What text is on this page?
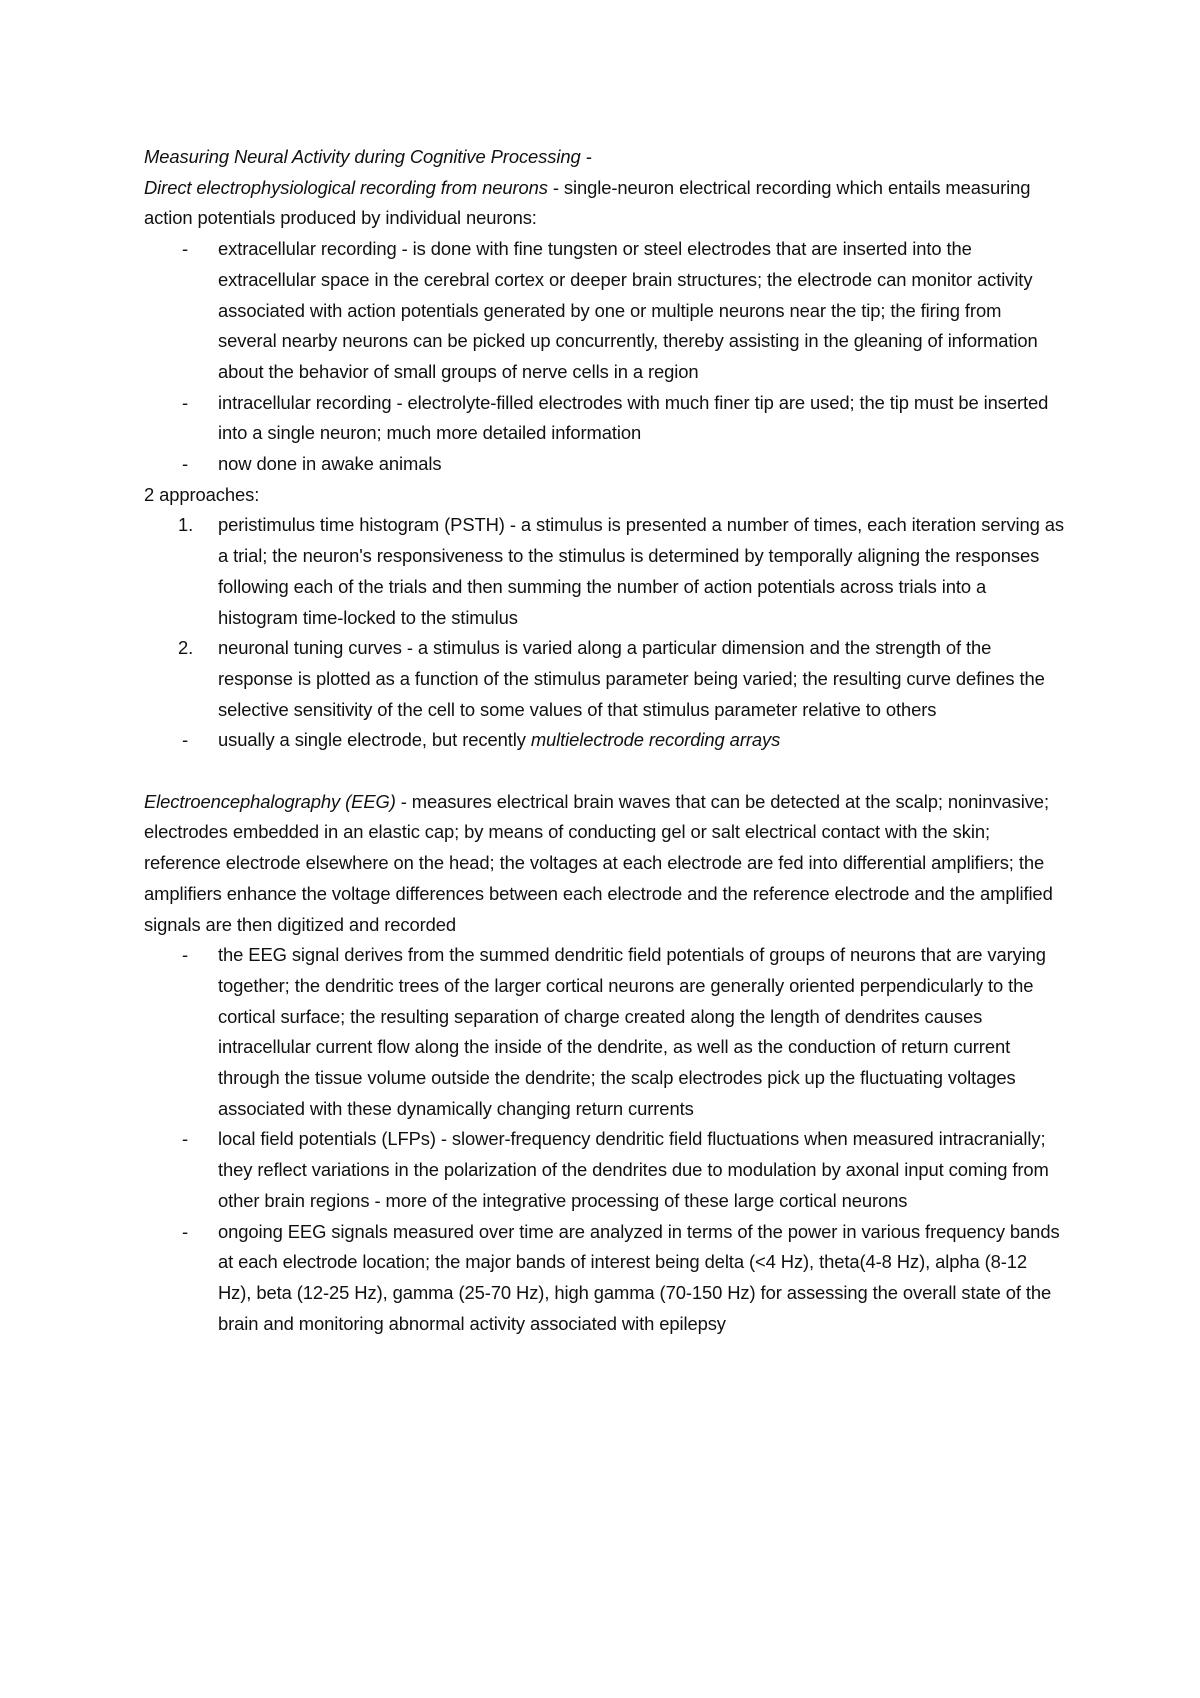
Measuring Neural Activity during Cognitive Processing -
Direct electrophysiological recording from neurons - single-neuron electrical recording which entails measuring action potentials produced by individual neurons:
- extracellular recording - is done with fine tungsten or steel electrodes that are inserted into the extracellular space in the cerebral cortex or deeper brain structures; the electrode can monitor activity associated with action potentials generated by one or multiple neurons near the tip; the firing from several nearby neurons can be picked up concurrently, thereby assisting in the gleaning of information about the behavior of small groups of nerve cells in a region
- intracellular recording - electrolyte-filled electrodes with much finer tip are used; the tip must be inserted into a single neuron; much more detailed information
- now done in awake animals
2 approaches:
1. peristimulus time histogram (PSTH) - a stimulus is presented a number of times, each iteration serving as a trial; the neuron's responsiveness to the stimulus is determined by temporally aligning the responses following each of the trials and then summing the number of action potentials across trials into a histogram time-locked to the stimulus
2. neuronal tuning curves - a stimulus is varied along a particular dimension and the strength of the response is plotted as a function of the stimulus parameter being varied; the resulting curve defines the selective sensitivity of the cell to some values of that stimulus parameter relative to others
- usually a single electrode, but recently multielectrode recording arrays
Electroencephalography (EEG) - measures electrical brain waves that can be detected at the scalp; noninvasive; electrodes embedded in an elastic cap; by means of conducting gel or salt electrical contact with the skin; reference electrode elsewhere on the head; the voltages at each electrode are fed into differential amplifiers; the amplifiers enhance the voltage differences between each electrode and the reference electrode and the amplified signals are then digitized and recorded
- the EEG signal derives from the summed dendritic field potentials of groups of neurons that are varying together; the dendritic trees of the larger cortical neurons are generally oriented perpendicularly to the cortical surface; the resulting separation of charge created along the length of dendrites causes intracellular current flow along the inside of the dendrite, as well as the conduction of return current through the tissue volume outside the dendrite; the scalp electrodes pick up the fluctuating voltages associated with these dynamically changing return currents
- local field potentials (LFPs) - slower-frequency dendritic field fluctuations when measured intracranially; they reflect variations in the polarization of the dendrites due to modulation by axonal input coming from other brain regions - more of the integrative processing of these large cortical neurons
- ongoing EEG signals measured over time are analyzed in terms of the power in various frequency bands at each electrode location; the major bands of interest being delta (<4 Hz), theta(4-8 Hz), alpha (8-12 Hz), beta (12-25 Hz), gamma (25-70 Hz), high gamma (70-150 Hz) for assessing the overall state of the brain and monitoring abnormal activity associated with epilepsy
